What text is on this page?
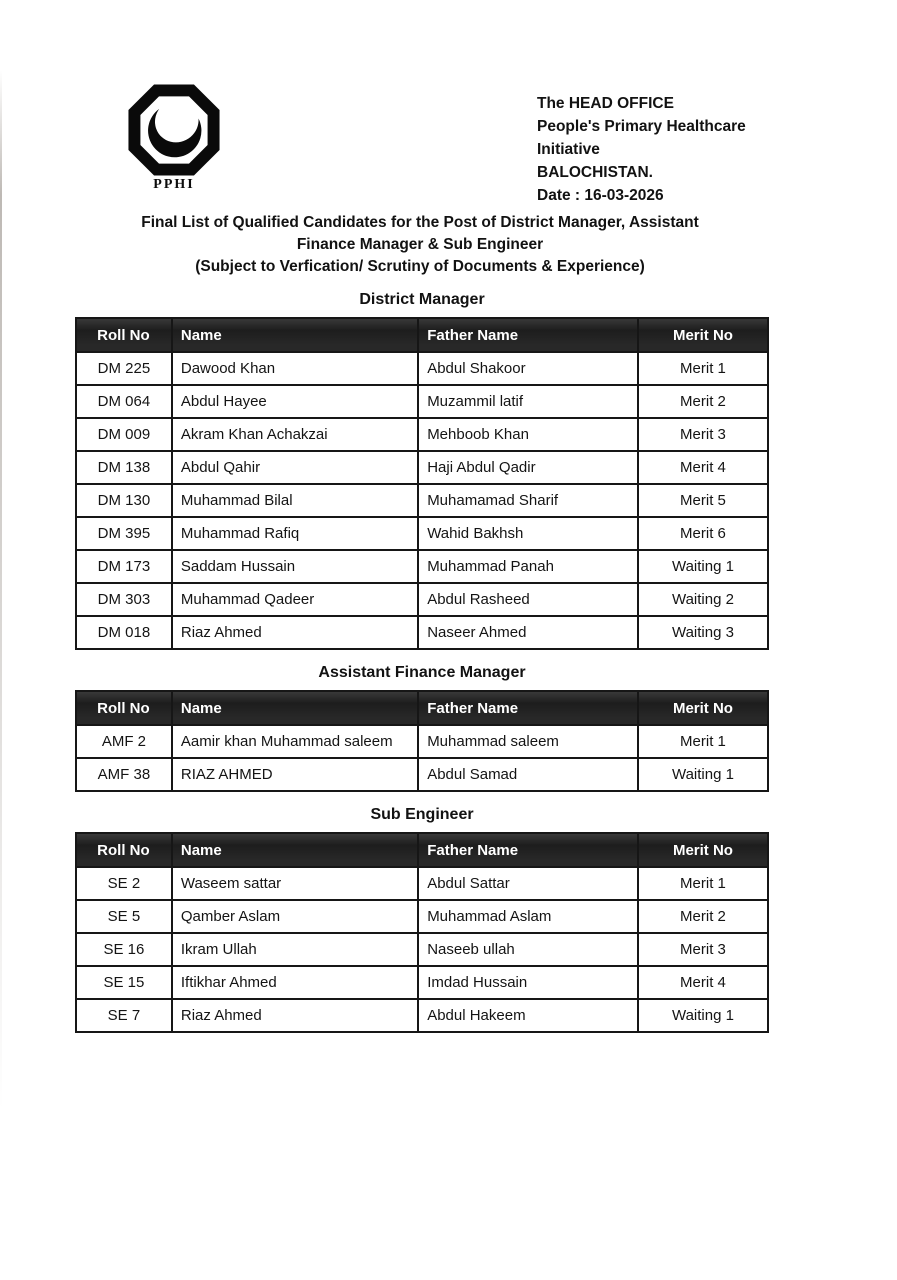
PPHI
The HEAD OFFICE
People's Primary Healthcare
Initiative
BALOCHISTAN.
Date : 16-03-2026
Final List of Qualified Candidates for the Post of District Manager, Assistant
Finance Manager & Sub Engineer
(Subject to Verfication/ Scrutiny of Documents & Experience)
District Manager
Roll No	Name	Father Name	Merit No
DM 225	Dawood Khan	Abdul Shakoor	Merit 1
DM 064	Abdul Hayee	Muzammil latif	Merit 2
DM 009	Akram Khan Achakzai	Mehboob Khan	Merit 3
DM 138	Abdul Qahir	Haji Abdul Qadir	Merit 4
DM 130	Muhammad Bilal	Muhamamad Sharif	Merit 5
DM 395	Muhammad Rafiq	Wahid Bakhsh	Merit 6
DM 173	Saddam Hussain	Muhammad Panah	Waiting 1
DM 303	Muhammad Qadeer	Abdul Rasheed	Waiting 2
DM 018	Riaz Ahmed	Naseer Ahmed	Waiting 3
Assistant Finance Manager
Roll No	Name	Father Name	Merit No
AMF 2	Aamir khan Muhammad saleem	Muhammad saleem	Merit 1
AMF 38	RIAZ AHMED	Abdul Samad	Waiting 1
Sub Engineer
Roll No	Name	Father Name	Merit No
SE 2	Waseem sattar	Abdul Sattar	Merit 1
SE 5	Qamber Aslam	Muhammad Aslam	Merit 2
SE 16	Ikram Ullah	Naseeb ullah	Merit 3
SE 15	Iftikhar Ahmed	Imdad Hussain	Merit 4
SE 7	Riaz Ahmed	Abdul Hakeem	Waiting 1
